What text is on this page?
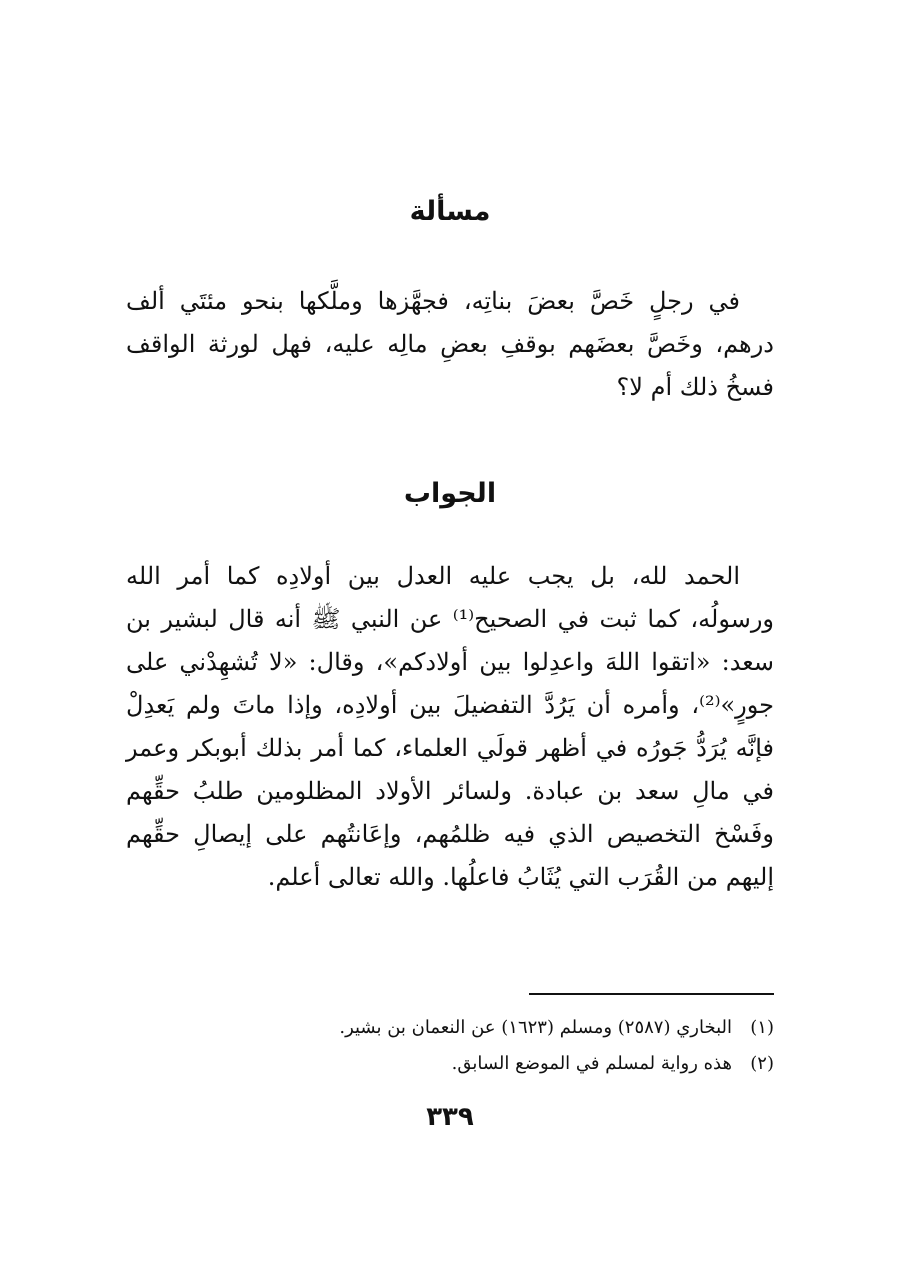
مسألة
في رجلٍ خَصَّ بعضَ بناتِه، فجهَّزها وملَّكها بنحو مئتَي ألف
درهم، وخَصَّ بعضَهم بوقفِ بعضِ مالِه عليه، فهل لورثة الواقف
فسخُ ذلك أم لا؟
الجواب
الحمد لله، بل يجب عليه العدل بين أولادِه كما أمر الله
ورسولُه، كما ثبت في الصحيح⁽¹⁾ عن النبي ﷺ أنه قال لبشير بن
سعد: «اتقوا اللهَ واعدِلوا بين أولادكم»، وقال: «لا تُشهِدْني على
جورٍ»⁽²⁾، وأمره أن يَرُدَّ التفضيلَ بين أولادِه، وإذا ماتَ ولم يَعدِلْ
فإنَّه يُرَدُّ جَورُه في أظهر قولَي العلماء، كما أمر بذلك أبوبكر وعمر
في مالِ سعد بن عبادة. ولسائر الأولاد المظلومين طلبُ حقِّهم
وفَسْخ التخصيص الذي فيه ظلمُهم، وإعَانتُهم على إيصالِ حقِّهم
إليهم من القُرَب التي يُثَابُ فاعلُها. والله تعالى أعلم.
(١)البخاري (٢٥٨٧) ومسلم (١٦٢٣) عن النعمان بن بشير.
(٢)هذه رواية لمسلم في الموضع السابق.
٣٣٩
